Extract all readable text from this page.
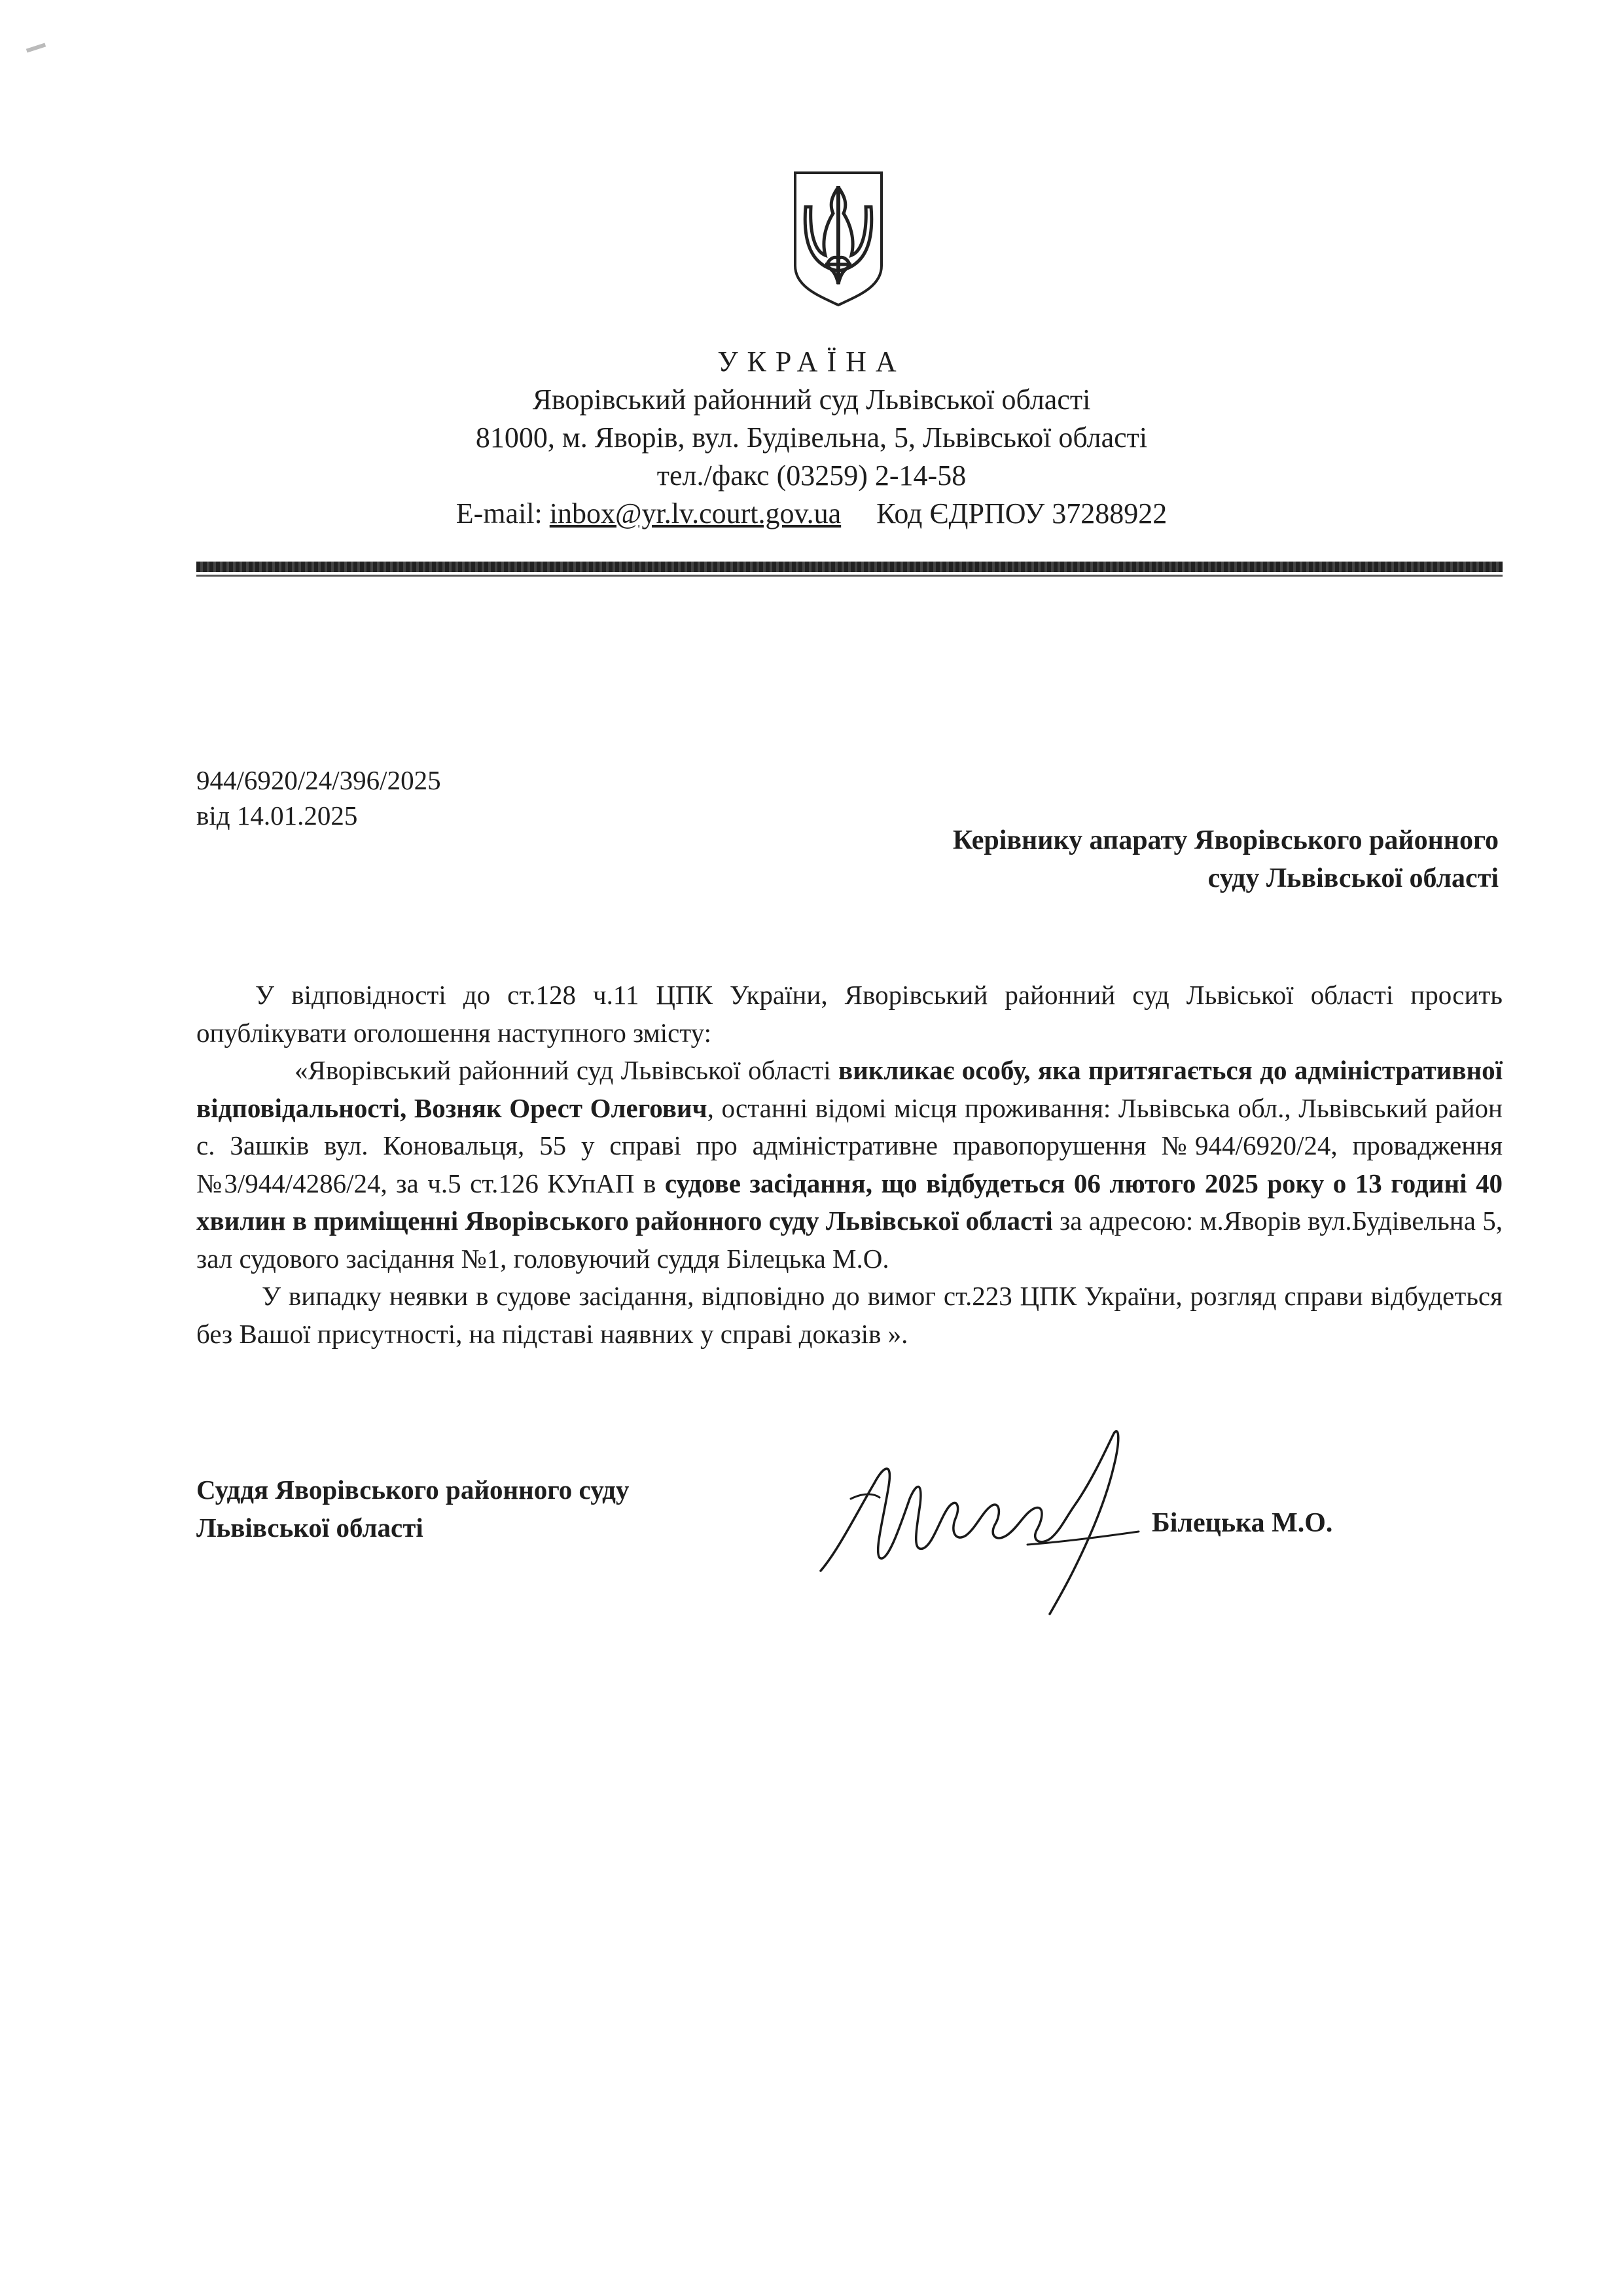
УКРАЇНА
Яворівський районний суд Львівської області
81000, м. Яворів, вул. Будівельна, 5, Львівської області
тел./факс (03259) 2-14-58
E-mail: inbox@yr.lv.court.gov.ua Код ЄДРПОУ 37288922
944/6920/24/396/2025
від 14.01.2025
Керівнику апарату Яворівського районного
суду Львівської області

У відповідності до ст.128 ч.11 ЦПК України, Яворівський районний суд Львіської області просить опублікувати оголошення наступного змісту:

«Яворівський районний суд Львівської області викликає особу, яка притягається до адміністративної відповідальності, Возняк Орест Олегович, останні відомі місця проживання: Львівська обл., Львівський район с. Зашків вул. Коновальця, 55 у справі про адміністративне правопорушення №944/6920/24, провадження №3/944/4286/24, за ч.5 ст.126 КУпАП в судове засідання, що відбудеться 06 лютого 2025 року о 13 годині 40 хвилин в приміщенні Яворівського районного суду Львівської області за адресою: м.Яворів вул.Будівельна 5, зал судового засідання №1, головуючий суддя Білецька М.О.

У випадку неявки в судове засідання, відповідно до вимог ст.223 ЦПК України, розгляд справи відбудеться без Вашої присутності, на підставі наявних у справі доказів ».

Суддя Яворівського районного суду
Львівської області	Білецька М.О.
